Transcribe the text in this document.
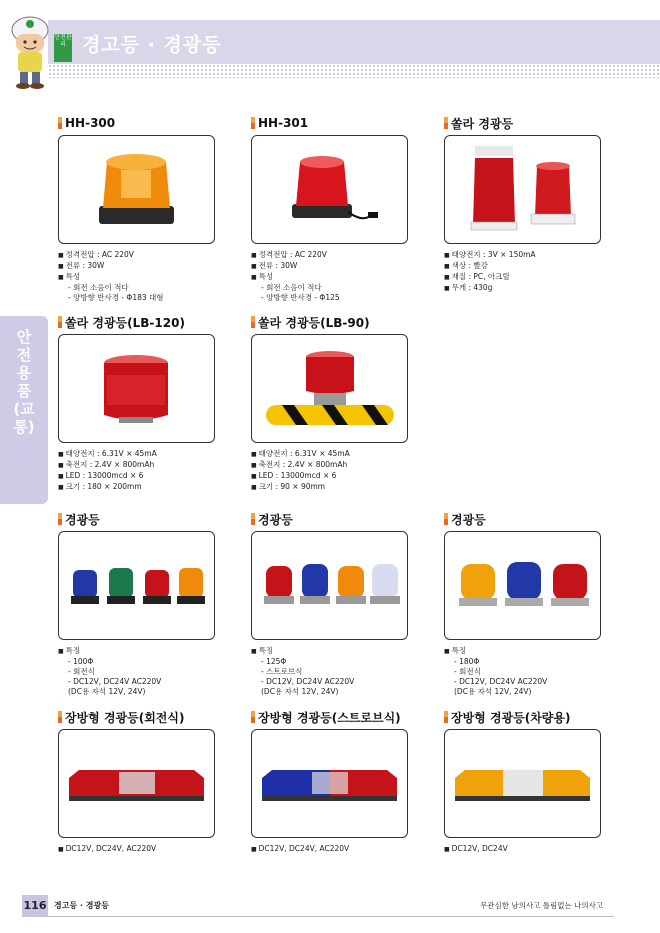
안전관리 경고등 · 경광등
안전용품(교통)
HH-300
■ 정격전압 : AC 220V
■ 전류 : 30W
■ 특성
- 회전 소음이 적다
- 양방향 반사경 - Φ183 대형
HH-301
■ 정격전압 : AC 220V
■ 전류 : 30W
■ 특성
- 회전 소음이 적다
- 양방향 반사경 - Φ125
쏠라 경광등
■ 태양전지 : 3V × 150mA
■ 색상 : 빨강
■ 재질 : PC, 아크릴
■ 무게 : 430g
쏠라 경광등(LB-120)
■ 태양전지 : 6.31V × 45mA
■ 축전지 : 2.4V × 800mAh
■ LED : 13000mcd × 6
■ 크기 : 180 × 200mm
쏠라 경광등(LB-90)
■ 태양전지 : 6.31V × 45mA
■ 축전지 : 2.4V × 800mAh
■ LED : 13000mcd × 6
■ 크기 : 90 × 90mm
경광등
■ 특징
- 100Φ
- 회전식
- DC12V, DC24V AC220V
(DC용 자석 12V, 24V)
경광등
■ 특징
- 125Φ
- 스트로브식
- DC12V, DC24V AC220V
(DC용 자석 12V, 24V)
경광등
■ 특징
- 180Φ
- 회전식
- DC12V, DC24V AC220V
(DC용 자석 12V, 24V)
장방형 경광등(회전식)
■ DC12V, DC24V, AC220V
장방형 경광등(스트로브식)
■ DC12V, DC24V, AC220V
장방형 경광등(차량용)
■ DC12V, DC24V
116 경고등 · 경광등	무관심한 남의사고 틀림없는 나의사고
